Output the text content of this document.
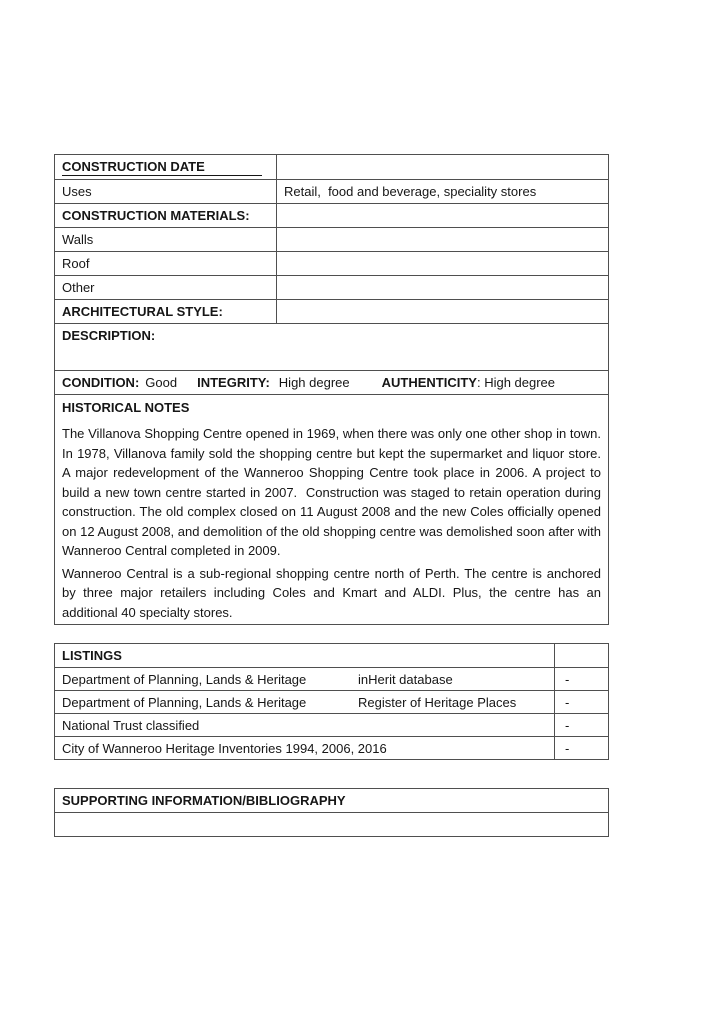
CONSTRUCTION DATE
Uses	Retail,  food and beverage, speciality stores
CONSTRUCTION MATERIALS:
Walls
Roof
Other
ARCHITECTURAL STYLE:
DESCRIPTION:
CONDITION: Good INTEGRITY: High degree AUTHENTICITY : High degree
HISTORICAL NOTES

The Villanova Shopping Centre opened in 1969, when there was only one other shop in town.  In 1978, Villanova family sold the shopping centre but kept the supermarket and liquor store. A major redevelopment of the Wanneroo Shopping Centre took place in 2006. A project to build a new town centre started in 2007.  Construction was staged to retain operation during construction. The old complex closed on 11 August 2008 and the new Coles officially opened on 12 August 2008, and demolition of the old shopping centre was demolished soon after with Wanneroo Central completed in 2009.

Wanneroo Central is a sub-regional shopping centre north of Perth. The centre is anchored by three major retailers including Coles and Kmart and ALDI. Plus, the centre has an additional 40 specialty stores.

LISTINGS
Department of Planning, Lands & Heritage	inHerit database	-
Department of Planning, Lands & Heritage	Register of Heritage Places	-
National Trust classified	-
City of Wanneroo Heritage Inventories 1994, 2006, 2016	-
SUPPORTING INFORMATION/BIBLIOGRAPHY
